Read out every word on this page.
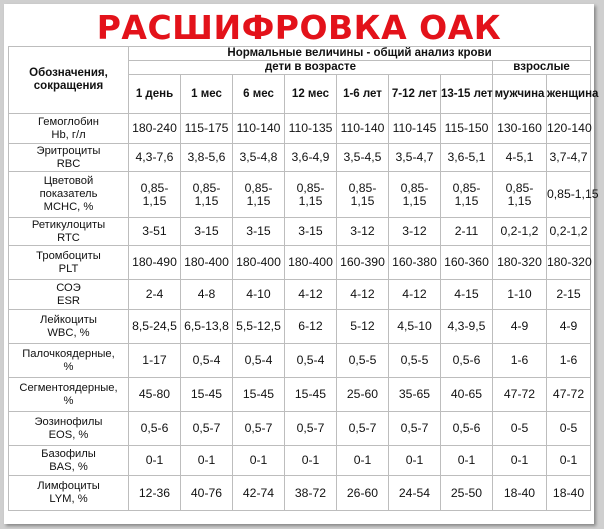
РАСШИФРОВКА ОАК
Обозначения,
сокращения	Нормальные величины - общий анализ крови								
	дети в возрасте							взрослые	
	1 день	1 мес	6 мес	12 мес	1-6 лет	7-12 лет	13-15 лет	мужчина	женщина

Гемоглобин
Hb, г/л	180-240	115-175	110-140	110-135	110-140	110-145	115-150	130-160	120-140

Эритроциты
RBC	4,3-7,6	3,8-5,6	3,5-4,8	3,6-4,9	3,5-4,5	3,5-4,7	3,6-5,1	4-5,1	3,7-4,7

Цветовой
показатель
MCHC, %	0,85-
1,15	0,85-
1,15	0,85-
1,15	0,85-
1,15	0,85-
1,15	0,85-
1,15	0,85-
1,15	0,85-
1,15	0,85-1,15

Ретикулоциты
RTC	3-51	3-15	3-15	3-15	3-12	3-12	2-11	0,2-1,2	0,2-1,2

Тромбоциты
PLT	180-490	180-400	180-400	180-400	160-390	160-380	160-360	180-320	180-320

СОЭ
ESR	2-4	4-8	4-10	4-12	4-12	4-12	4-15	1-10	2-15

Лейкоциты
WBC, %	8,5-24,5	6,5-13,8	5,5-12,5	6-12	5-12	4,5-10	4,3-9,5	4-9	4-9

Палочкоядерные,
%	1-17	0,5-4	0,5-4	0,5-4	0,5-5	0,5-5	0,5-6	1-6	1-6

Сегментоядерные,
%	45-80	15-45	15-45	15-45	25-60	35-65	40-65	47-72	47-72

Эозинофилы
EOS, %	0,5-6	0,5-7	0,5-7	0,5-7	0,5-7	0,5-7	0,5-6	0-5	0-5

Базофилы
BAS, %	0-1	0-1	0-1	0-1	0-1	0-1	0-1	0-1	0-1

Лимфоциты
LYM, %	12-36	40-76	42-74	38-72	26-60	24-54	25-50	18-40	18-40
